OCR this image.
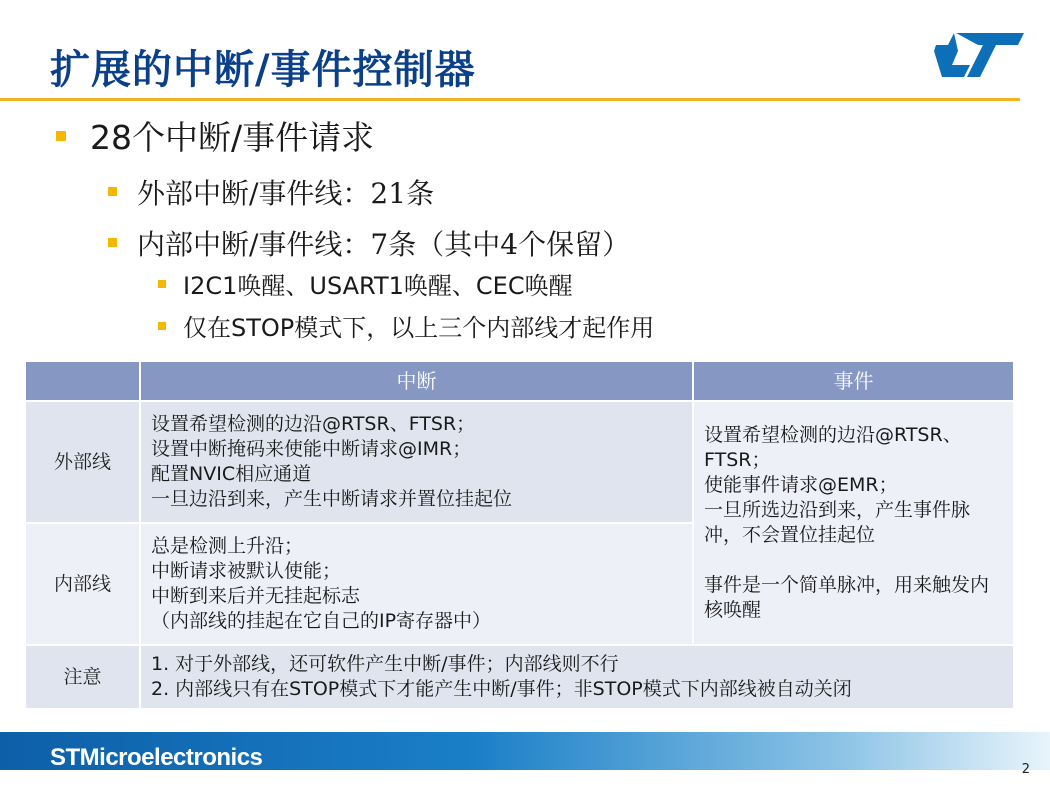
扩展的中断/事件控制器
28个中断/事件请求
外部中断/事件线：21条
内部中断/事件线：7条（其中4个保留）
I2C1唤醒、USART1唤醒、CEC唤醒
仅在STOP模式下，以上三个内部线才起作用
	中断	事件
外部线	设置希望检测的边沿@RTSR、FTSR；
设置中断掩码来使能中断请求@IMR；
配置NVIC相应通道
一旦边沿到来，产生中断请求并置位挂起位	设置希望检测的边沿@RTSR、FTSR；
使能事件请求@EMR；
一旦所选边沿到来，产生事件脉冲，不会置位挂起位
事件是一个简单脉冲，用来触发内核唤醒

内部线	总是检测上升沿；
中断请求被默认使能；
中断到来后并无挂起标志
（内部线的挂起在它自己的IP寄存器中）	

注意	1. 对于外部线，还可软件产生中断/事件；内部线则不行
2. 内部线只有在STOP模式下才能产生中断/事件；非STOP模式下内部线被自动关闭	
STMicroelectronics	2
